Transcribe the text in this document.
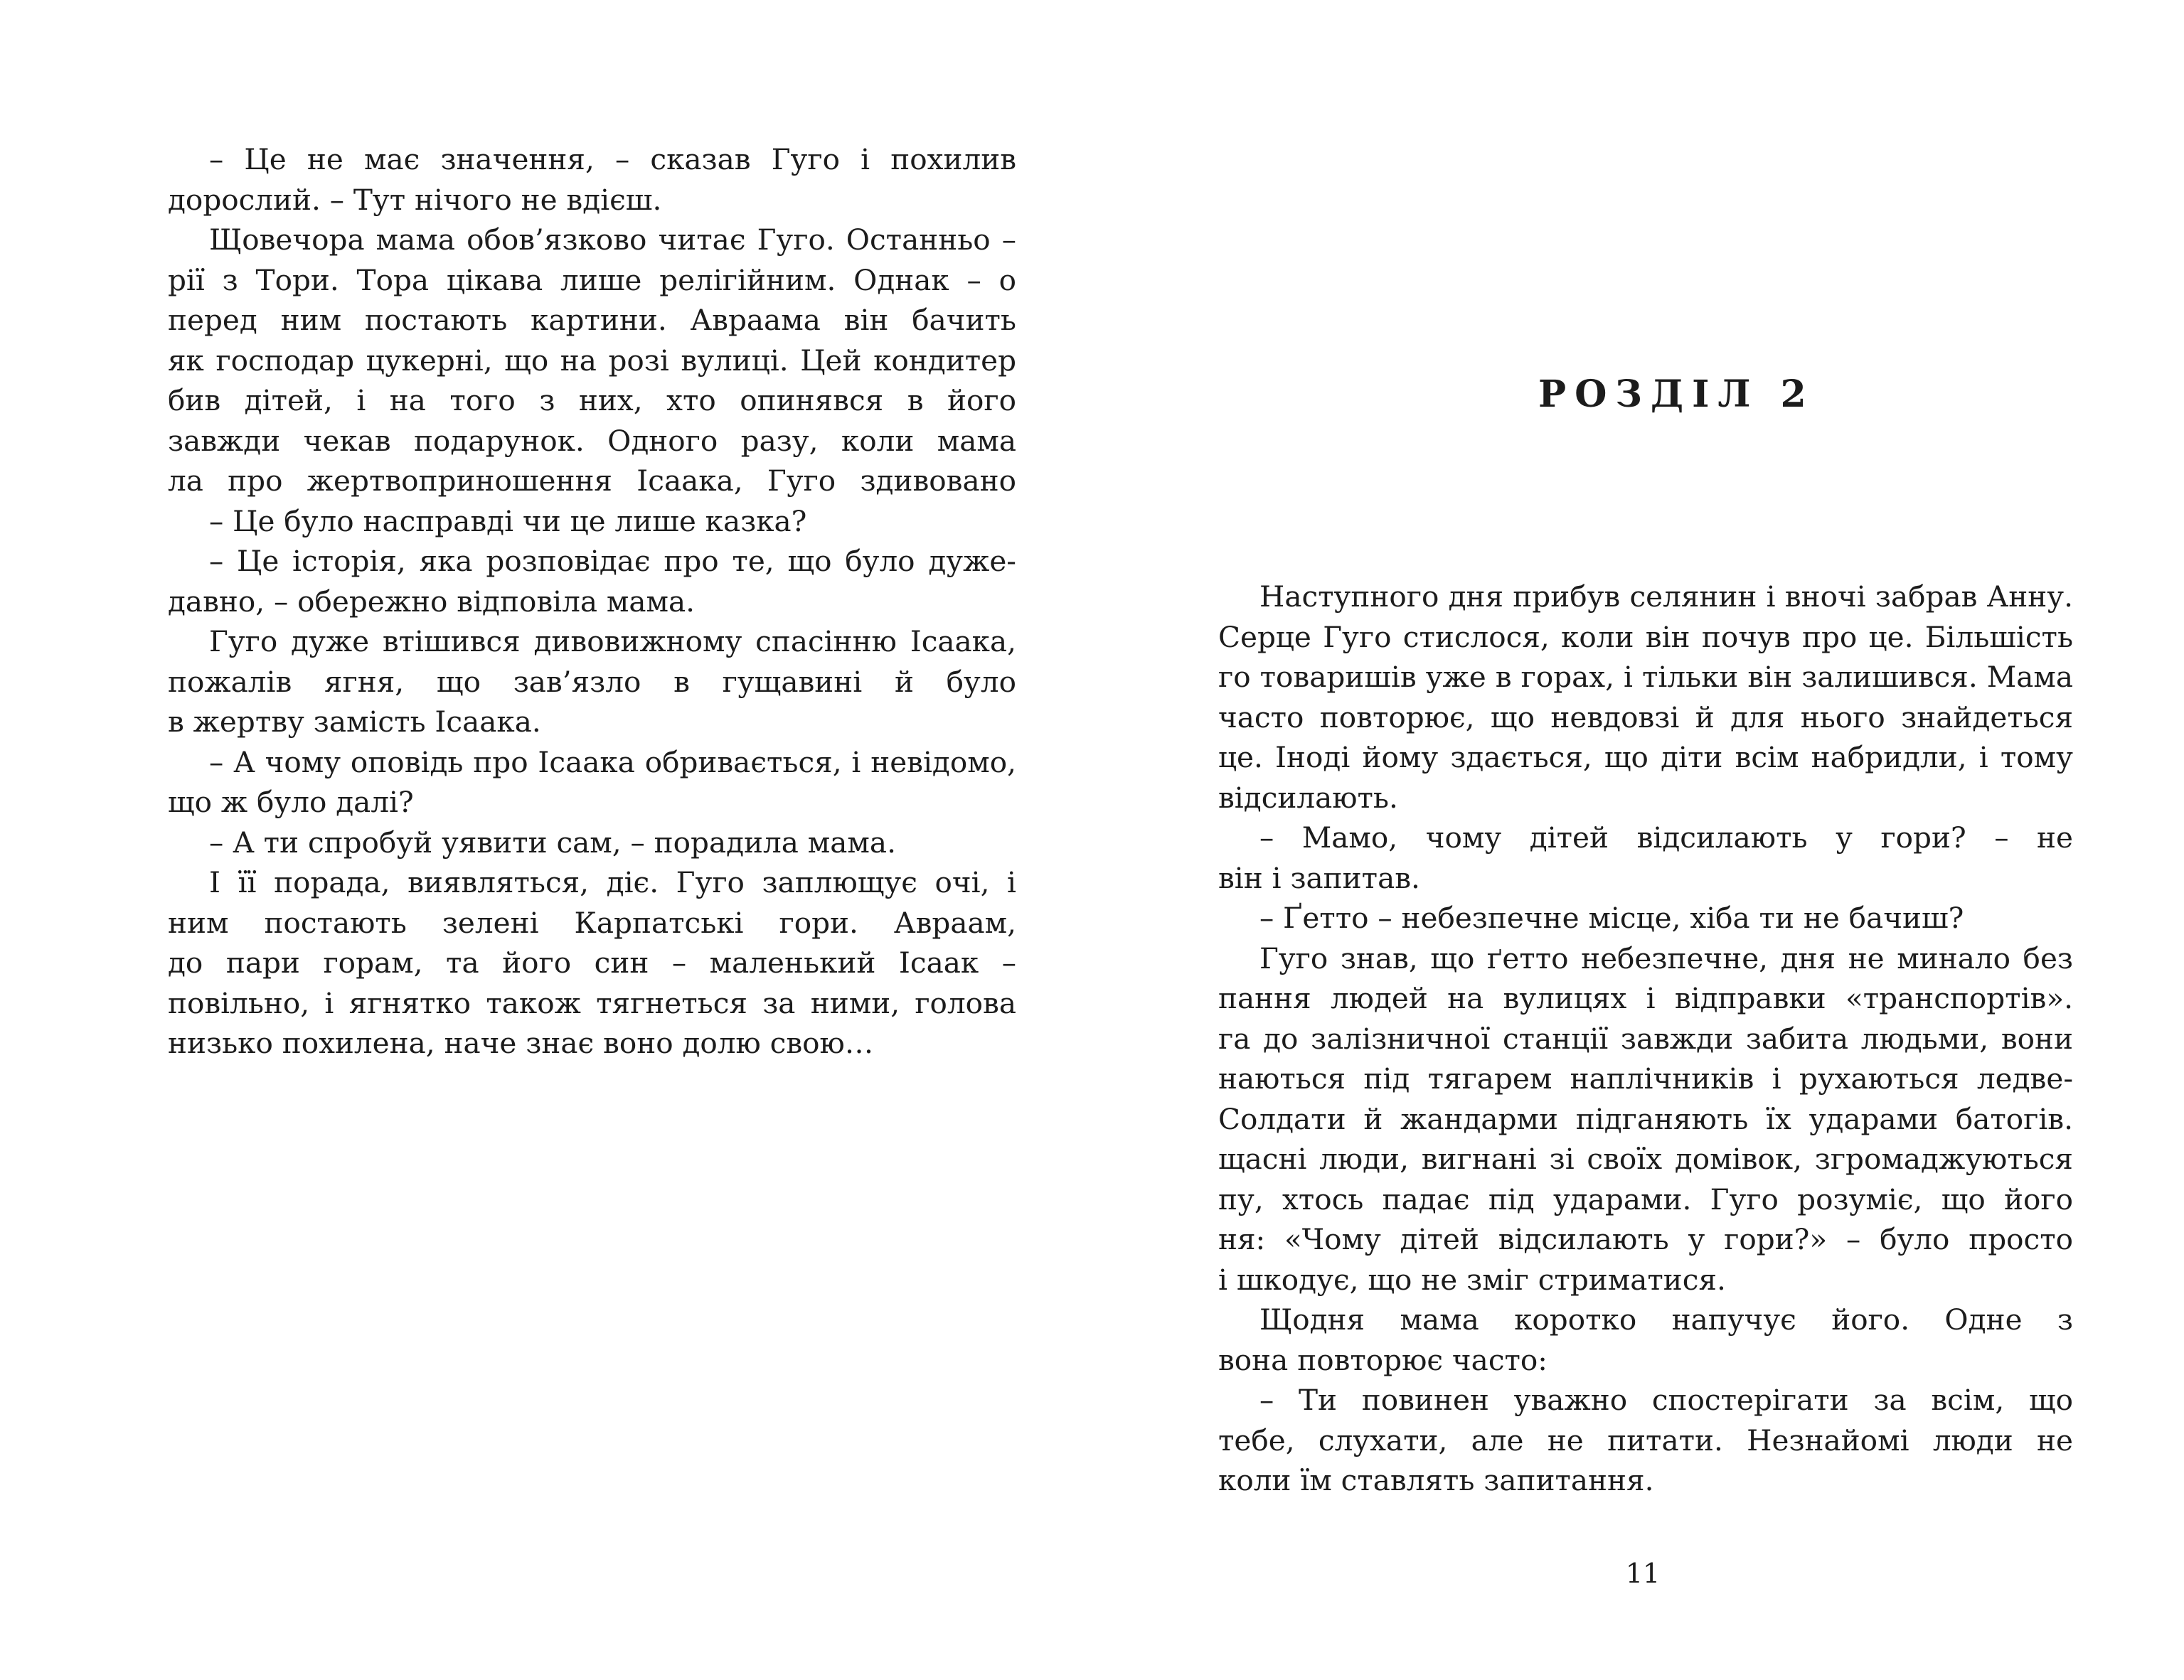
– Це не має значення, – сказав Гуго і похилив
дорослий. – Тут нічого не вдієш.
Щовечора мама обов’язково читає Гуго. Останньо –
рії з Тори. Тора цікава лише релігійним. Однак – о
перед ним постають картини. Авраама він бачить
як господар цукерні, що на розі вулиці. Цей кондитер
бив дітей, і на того з них, хто опинявся в його
завжди чекав подарунок. Одного разу, коли мама
ла про жертвоприношення Ісаака, Гуго здивовано
– Це було насправді чи це лише казка?
– Це історія, яка розповідає про те, що було дуже-
давно, – обережно відповіла мама.
Гуго дуже втішився дивовижному спасінню Ісаака,
пожалів ягня, що зав’язло в гущавині й було
в жертву замість Ісаака.
– А чому оповідь про Ісаака обривається, і невідомо,
що ж було далі?
– А ти спробуй уявити сам, – порадила мама.
І її порада, виявляться, діє. Гуго заплющує очі, і
ним постають зелені Карпатські гори. Авраам,
до пари горам, та його син – маленький Ісаак –
повільно, і ягнятко також тягнеться за ними, голова
низько похилена, наче знає воно долю свою…
Наступного дня прибув селянин і вночі забрав Анну.
Серце Гуго стислося, коли він почув про це. Більшість
го товаришів уже в горах, і тільки він залишився. Мама
часто повторює, що невдовзі й для нього знайдеться
це. Іноді йому здається, що діти всім набридли, і тому
відсилають.
– Мамо, чому дітей відсилають у гори? – не
він і запитав.
– Ґетто – небезпечне місце, хіба ти не бачиш?
Гуго знав, що ґетто небезпечне, дня не минало без
пання людей на вулицях і відправки «транспортів».
га до залізничної станції завжди забита людьми, вони
наються під тягарем наплічників і рухаються ледве-
Солдати й жандарми підганяють їх ударами батогів.
щасні люди, вигнані зі своїх домівок, згромаджуються
пу, хтось падає під ударами. Гуго розуміє, що його
ня: «Чому дітей відсилають у гори?» – було просто
і шкодує, що не зміг стриматися.
Щодня мама коротко напучує його. Одне з
вона повторює часто:
– Ти повинен уважно спостерігати за всім, що
тебе, слухати, але не питати. Незнайомі люди не
коли їм ставлять запитання.
РОЗДІЛ 2
11
